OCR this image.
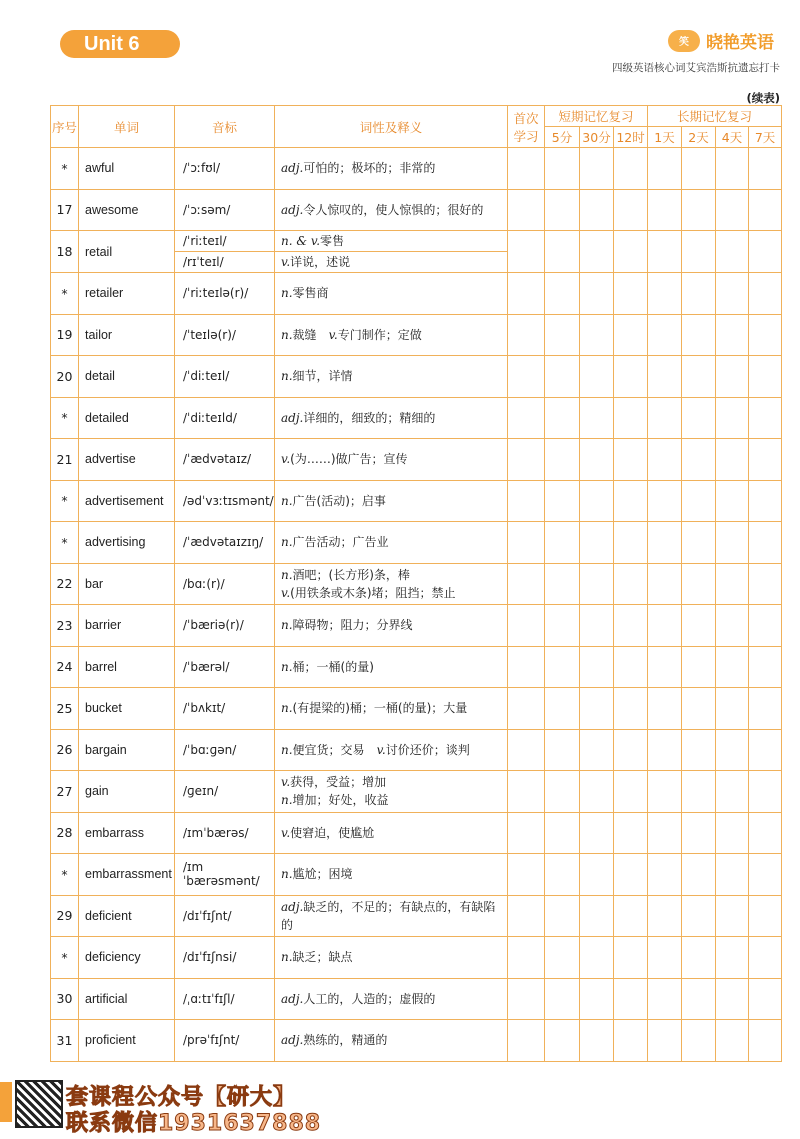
Unit 6	笑	晓艳英语
四级英语核心词艾宾浩斯抗遗忘打卡
(续表)
序号	单词	音标	词性及释义	首次学习	短期记忆复习			长期记忆复习			
					5分	30分	12时	1天	2天	4天	7天
*	awful	/ˈɔːfʊl/	adj.可怕的；极坏的；非常的								
17	awesome	/ˈɔːsəm/	adj.令人惊叹的，使人惊惧的；很好的								
18	retail	/ˈriːteɪl/	n. & v.零售								
		/rɪˈteɪl/	v.详说，述说								
*	retailer	/ˈriːteɪlə(r)/	n.零售商								
19	tailor	/ˈteɪlə(r)/	n.裁缝　v.专门制作；定做								
20	detail	/ˈdiːteɪl/	n.细节，详情								
*	detailed	/ˈdiːteɪld/	adj.详细的，细致的；精细的								
21	advertise	/ˈædvətaɪz/	v.(为……)做广告；宣传								
*	advertisement	/ədˈvɜːtɪsmənt/	n.广告(活动)；启事								
*	advertising	/ˈædvətaɪzɪŋ/	n.广告活动；广告业								
22	bar	/bɑː(r)/	n.酒吧；(长方形)条，棒
v.(用铁条或木条)堵；阻挡；禁止								
23	barrier	/ˈbæriə(r)/	n.障碍物；阻力；分界线								
24	barrel	/ˈbærəl/	n.桶；一桶(的量)								
25	bucket	/ˈbʌkɪt/	n.(有提梁的)桶；一桶(的量)；大量								
26	bargain	/ˈbɑːɡən/	n.便宜货；交易　v.讨价还价；谈判								
27	gain	/ɡeɪn/	v.获得，受益；增加
n.增加；好处，收益								
28	embarrass	/ɪmˈbærəs/	v.使窘迫，使尴尬								
*	embarrassment	/ɪmˈbærəsmənt/	n.尴尬；困境								
29	deficient	/dɪˈfɪʃnt/	adj.缺乏的，不足的；有缺点的，有缺陷的								
*	deficiency	/dɪˈfɪʃnsi/	n.缺乏；缺点								
30	artificial	/ˌɑːtɪˈfɪʃl/	adj.人工的，人造的；虚假的								
31	proficient	/prəˈfɪʃnt/	adj.熟练的，精通的								
套课程公众号【研大】
联系微信1931637888
